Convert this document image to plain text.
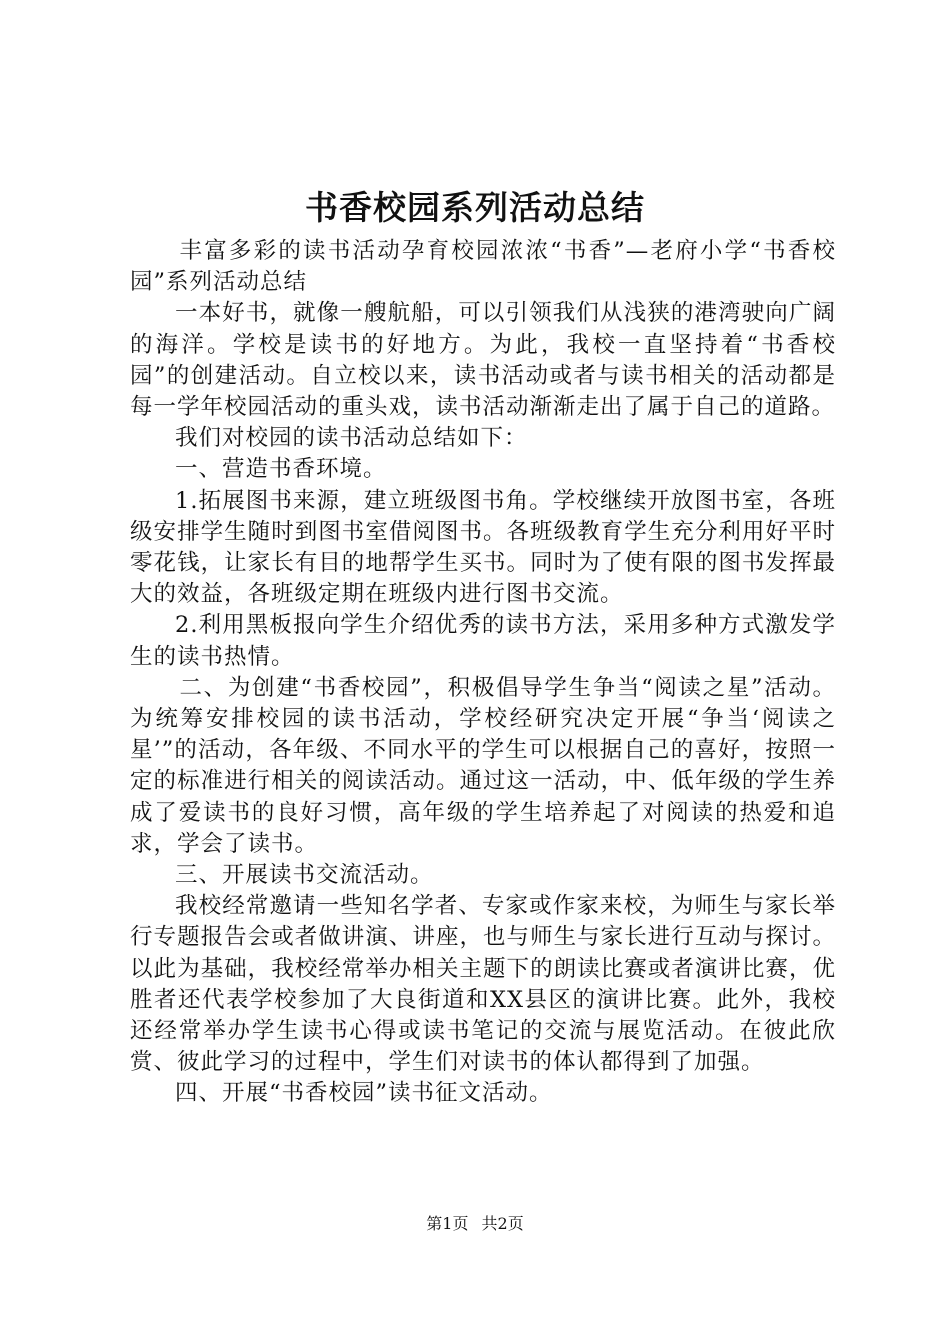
书香校园系列活动总结

丰富多彩的读书活动孕育校园浓浓“书香”—老府小学“书香校园”系列活动总结

一本好书，就像一艘航船，可以引领我们从浅狭的港湾驶向广阔的海洋。学校是读书的好地方。为此，我校一直坚持着“书香校园”的创建活动。自立校以来，读书活动或者与读书相关的活动都是每一学年校园活动的重头戏，读书活动渐渐走出了属于自己的道路。

我们对校园的读书活动总结如下：

一、营造书香环境。

1.拓展图书来源，建立班级图书角。学校继续开放图书室，各班级安排学生随时到图书室借阅图书。各班级教育学生充分利用好平时零花钱，让家长有目的地帮学生买书。同时为了使有限的图书发挥最大的效益，各班级定期在班级内进行图书交流。

2.利用黑板报向学生介绍优秀的读书方法，采用多种方式激发学生的读书热情。

二、为创建“书香校园”，积极倡导学生争当“阅读之星”活动。为统筹安排校园的读书活动，学校经研究决定开展“争当‘阅读之星’”的活动，各年级、不同水平的学生可以根据自己的喜好，按照一定的标准进行相关的阅读活动。通过这一活动，中、低年级的学生养成了爱读书的良好习惯，高年级的学生培养起了对阅读的热爱和追求，学会了读书。

三、开展读书交流活动。

我校经常邀请一些知名学者、专家或作家来校，为师生与家长举行专题报告会或者做讲演、讲座，也与师生与家长进行互动与探讨。以此为基础，我校经常举办相关主题下的朗读比赛或者演讲比赛，优胜者还代表学校参加了大良街道和XX县区的演讲比赛。此外，我校还经常举办学生读书心得或读书笔记的交流与展览活动。在彼此欣赏、彼此学习的过程中，学生们对读书的体认都得到了加强。

四、开展“书香校园”读书征文活动。

第1页 共2页
